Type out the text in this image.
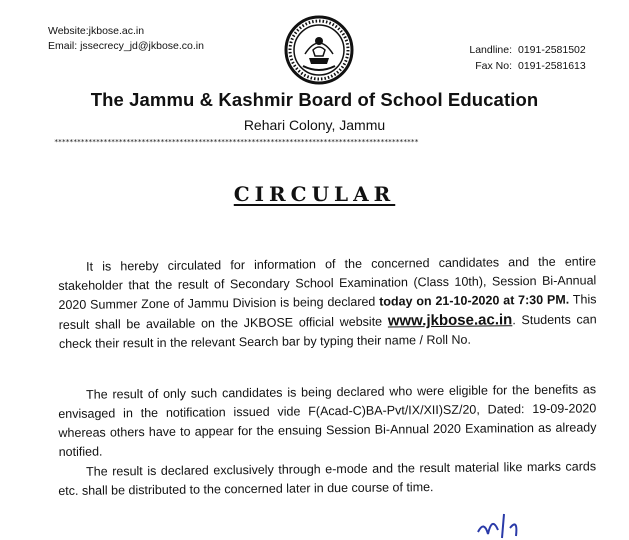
Website:jkbose.ac.in
Email: jssecrecy_jd@jkbose.co.in	Landline: 0191-2581502
Fax No: 0191-2581613
The Jammu & Kashmir Board of School Education
Rehari Colony, Jammu
************************************************************************************************
CIRCULAR
It is hereby circulated for information of the concerned candidates and the entire stakeholder that the result of Secondary School Examination (Class 10th), Session Bi-Annual 2020 Summer Zone of Jammu Division is being declared today on 21-10-2020 at 7:30 PM. This result shall be available on the JKBOSE official website www.jkbose.ac.in. Students can check their result in the relevant Search bar by typing their name / Roll No.
The result of only such candidates is being declared who were eligible for the benefits as envisaged in the notification issued vide F(Acad-C)BA-Pvt/IX/XII)SZ/20, Dated: 19-09-2020 whereas others have to appear for the ensuing Session Bi-Annual 2020 Examination as already notified.
The result is declared exclusively through e-mode and the result material like marks cards etc. shall be distributed to the concerned later in due course of time.
